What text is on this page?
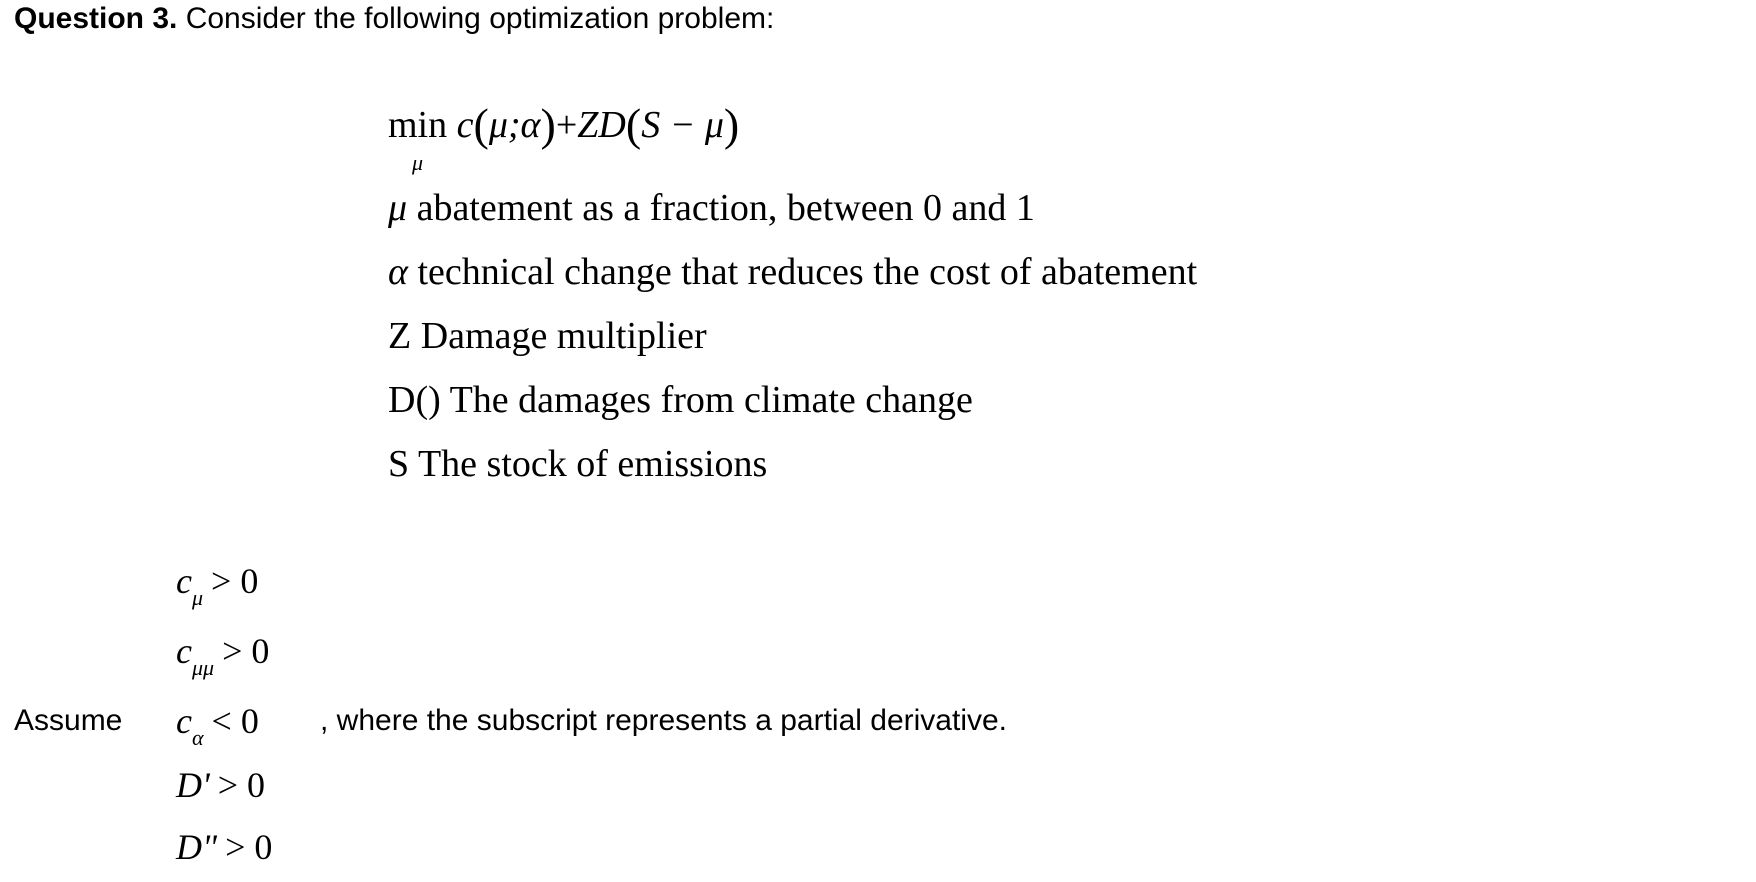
Question 3. Consider the following optimization problem:
min c(μ;α)+ZD(S − μ)
μ
μ abatement as a fraction, between 0 and 1
α technical change that reduces the cost of abatement
Z Damage multiplier
D() The damages from climate change
S The stock of emissions
Assume
$c_\mu > 0$
$c_{\mu\mu} > 0$
$c_\alpha < 0$
D' > 0
D" > 0
, where the subscript represents a partial derivative.
